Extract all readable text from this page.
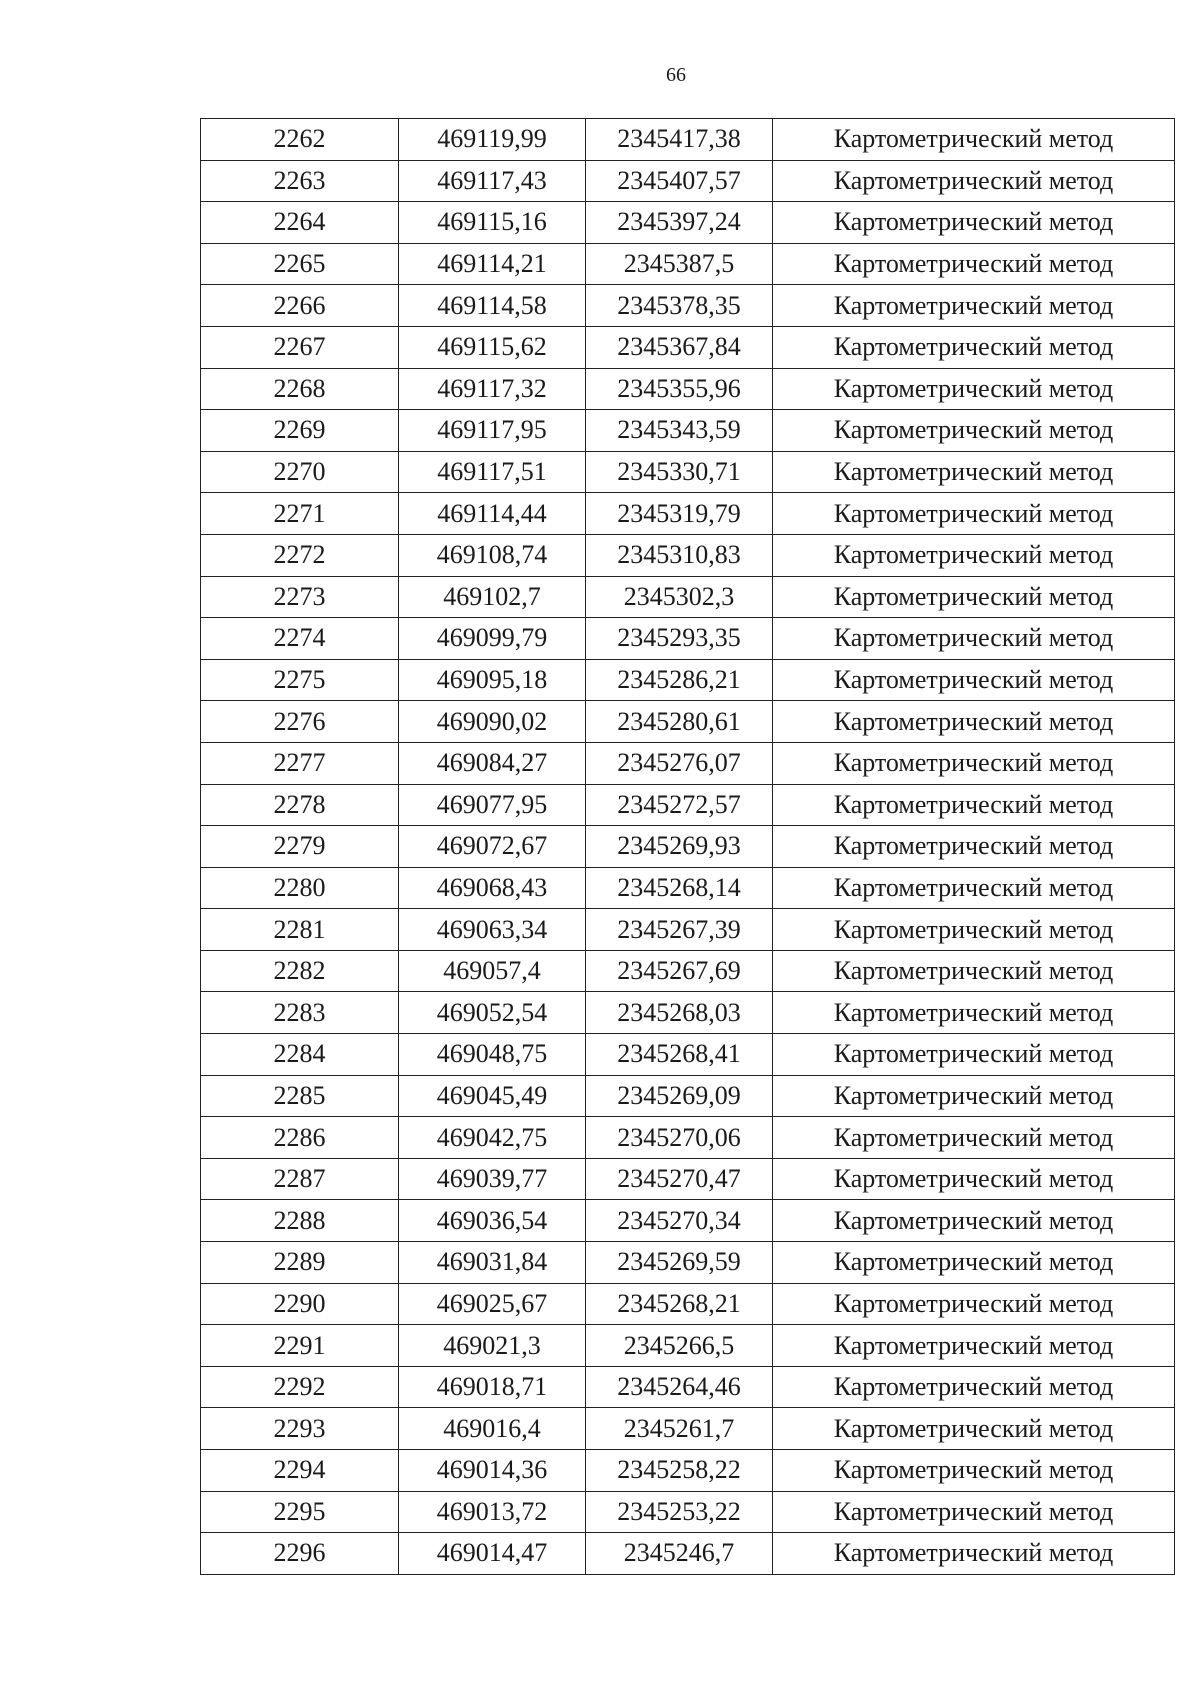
66
2262	469119,99	2345417,38	Картометрический метод
2263	469117,43	2345407,57	Картометрический метод
2264	469115,16	2345397,24	Картометрический метод
2265	469114,21	2345387,5	Картометрический метод
2266	469114,58	2345378,35	Картометрический метод
2267	469115,62	2345367,84	Картометрический метод
2268	469117,32	2345355,96	Картометрический метод
2269	469117,95	2345343,59	Картометрический метод
2270	469117,51	2345330,71	Картометрический метод
2271	469114,44	2345319,79	Картометрический метод
2272	469108,74	2345310,83	Картометрический метод
2273	469102,7	2345302,3	Картометрический метод
2274	469099,79	2345293,35	Картометрический метод
2275	469095,18	2345286,21	Картометрический метод
2276	469090,02	2345280,61	Картометрический метод
2277	469084,27	2345276,07	Картометрический метод
2278	469077,95	2345272,57	Картометрический метод
2279	469072,67	2345269,93	Картометрический метод
2280	469068,43	2345268,14	Картометрический метод
2281	469063,34	2345267,39	Картометрический метод
2282	469057,4	2345267,69	Картометрический метод
2283	469052,54	2345268,03	Картометрический метод
2284	469048,75	2345268,41	Картометрический метод
2285	469045,49	2345269,09	Картометрический метод
2286	469042,75	2345270,06	Картометрический метод
2287	469039,77	2345270,47	Картометрический метод
2288	469036,54	2345270,34	Картометрический метод
2289	469031,84	2345269,59	Картометрический метод
2290	469025,67	2345268,21	Картометрический метод
2291	469021,3	2345266,5	Картометрический метод
2292	469018,71	2345264,46	Картометрический метод
2293	469016,4	2345261,7	Картометрический метод
2294	469014,36	2345258,22	Картометрический метод
2295	469013,72	2345253,22	Картометрический метод
2296	469014,47	2345246,7	Картометрический метод
